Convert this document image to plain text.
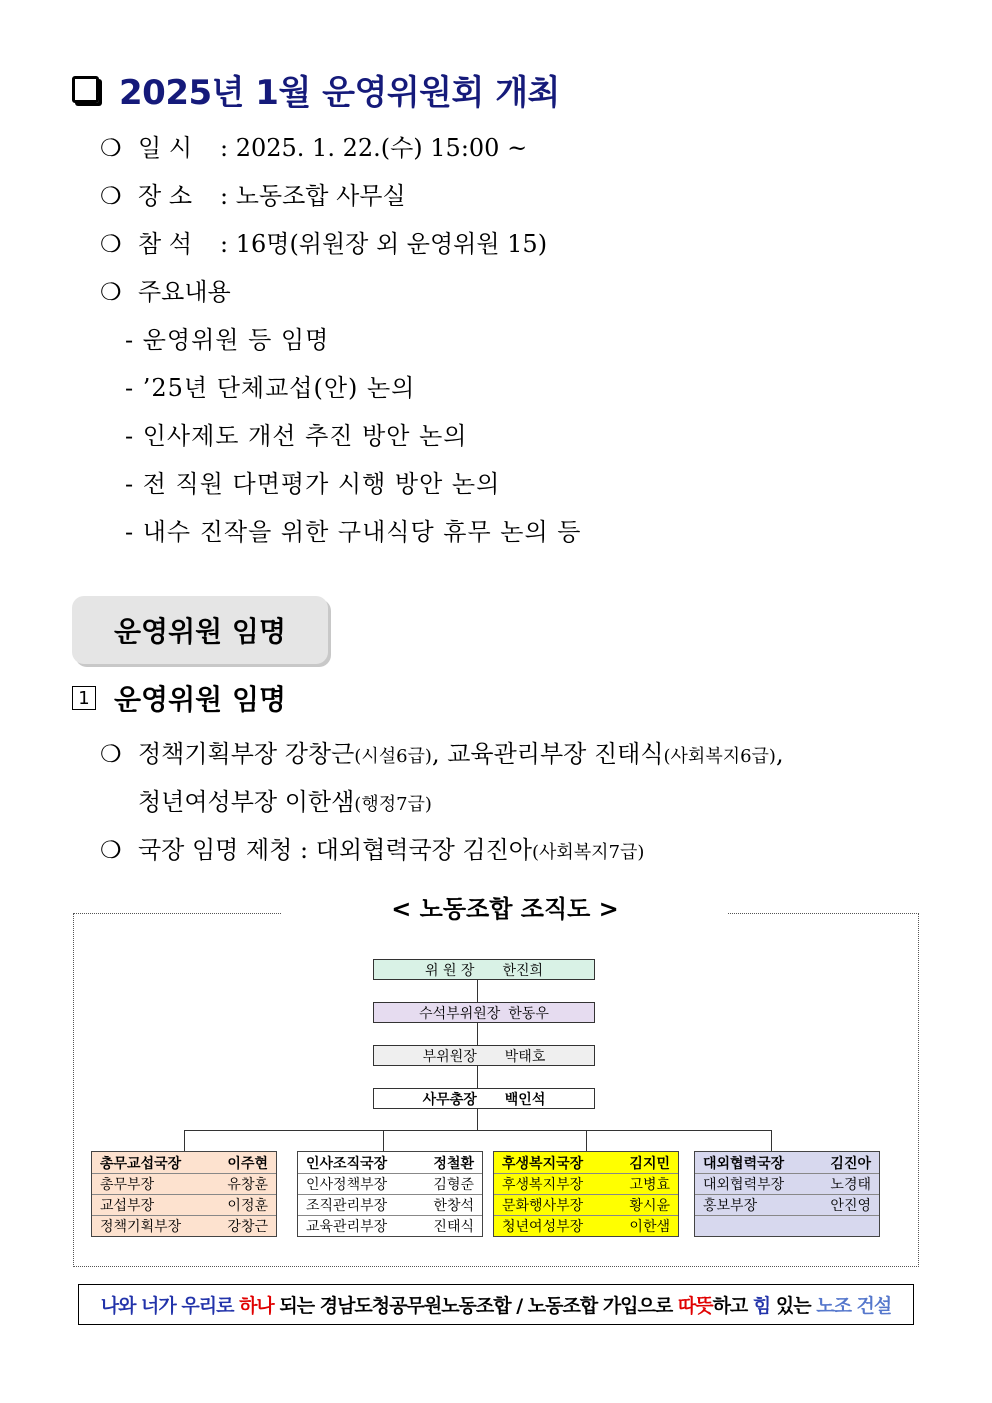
2025년 1월 운영위원회 개최
❍ 일 시 : 2025. 1. 22.(수) 15:00 ~
❍ 장 소 : 노동조합 사무실
❍ 참 석 : 16명(위원장 외 운영위원 15)
❍ 주요내용
- 운영위원 등 임명
- ’25년 단체교섭(안) 논의
- 인사제도 개선 추진 방안 논의
- 전 직원 다면평가 시행 방안 논의
- 내수 진작을 위한 구내식당 휴무 논의 등
운영위원 임명
1 운영위원 임명
❍ 정책기획부장 강창근(시설6급), 교육관리부장 진태식(사회복지6급),
청년여성부장 이한샘(행정7급)
❍ 국장 임명 제청 : 대외협력국장 김진아(사회복지7급)
< 노동조합 조직도 >
위 원 장 한진희
수석부위원장 한동우
부위원장 박태호
사무총장 백인석
총무교섭국장	이주현
총무부장	유창훈
교섭부장	이정훈
정책기획부장	강창근
인사조직국장	정철환
인사정책부장	김형준
조직관리부장	한창석
교육관리부장	진태식
후생복지국장	김지민
후생복지부장	고병효
문화행사부장	황시윤
청년여성부장	이한샘
대외협력국장	김진아
대외협력부장	노경태
홍보부장	안진영
나와 너가 우리로 하나 되는 경남도청공무원노동조합 / 노동조합 가입으로 따뜻 하고 힘 있는 노조 건설
